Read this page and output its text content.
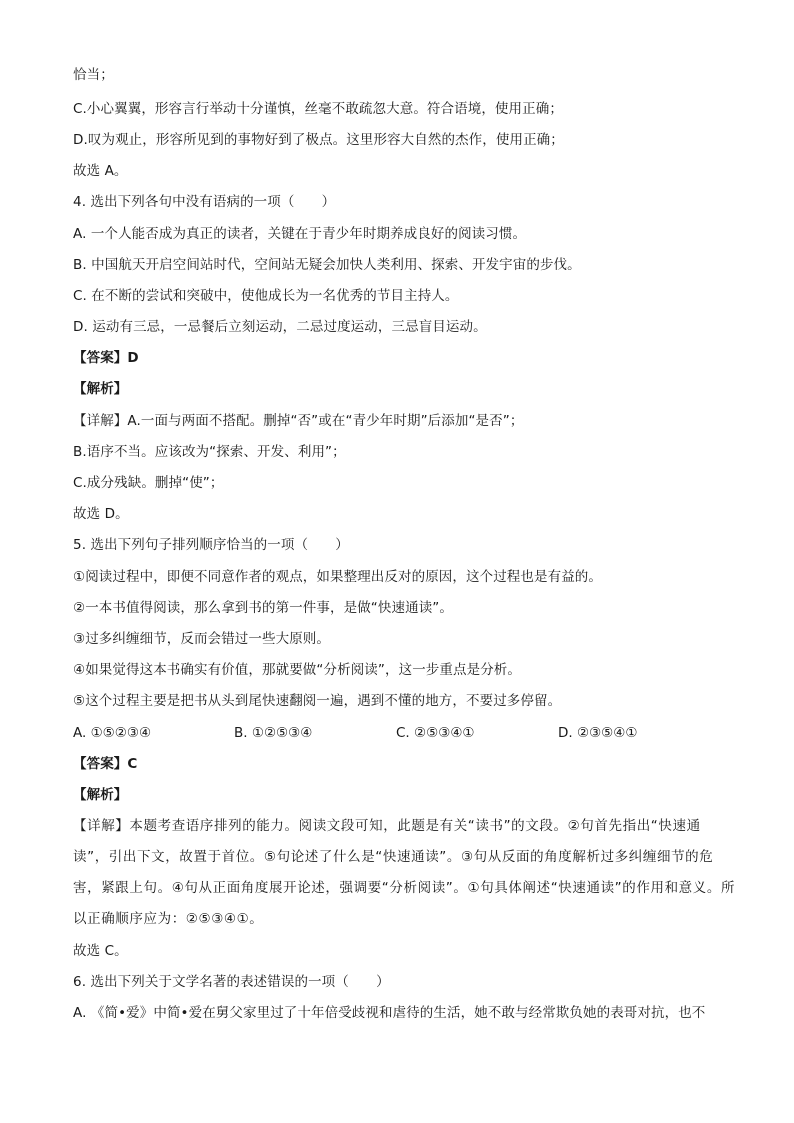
恰当；
C.小心翼翼，形容言行举动十分谨慎，丝毫不敢疏忽大意。符合语境，使用正确；
D.叹为观止，形容所见到的事物好到了极点。这里形容大自然的杰作，使用正确；
故选 A。
4. 选出下列各句中没有语病的一项（　　）
A. 一个人能否成为真正的读者，关键在于青少年时期养成良好的阅读习惯。
B. 中国航天开启空间站时代，空间站无疑会加快人类利用、探索、开发宇宙的步伐。
C. 在不断的尝试和突破中，使他成长为一名优秀的节目主持人。
D. 运动有三忌，一忌餐后立刻运动，二忌过度运动，三忌盲目运动。
【答案】D
【解析】
【详解】A.一面与两面不搭配。删掉“否”或在“青少年时期”后添加“是否”；
B.语序不当。应该改为“探索、开发、利用”；
C.成分残缺。删掉“使”；
故选 D。
5. 选出下列句子排列顺序恰当的一项（　　）
①阅读过程中，即便不同意作者的观点，如果整理出反对的原因，这个过程也是有益的。
②一本书值得阅读，那么拿到书的第一件事，是做“快速通读”。
③过多纠缠细节，反而会错过一些大原则。
④如果觉得这本书确实有价值，那就要做“分析阅读”，这一步重点是分析。
⑤这个过程主要是把书从头到尾快速翻阅一遍，遇到不懂的地方，不要过多停留。
A. ①⑤②③④	B. ①②⑤③④	C. ②⑤③④①	D. ②③⑤④①
【答案】C
【解析】
【详解】本题考查语序排列的能力。阅读文段可知，此题是有关“读书”的文段。②句首先指出“快速通读”，引出下文，故置于首位。⑤句论述了什么是“快速通读”。③句从反面的角度解析过多纠缠细节的危害，紧跟上句。④句从正面角度展开论述，强调要“分析阅读”。①句具体阐述“快速通读”的作用和意义。所以正确顺序应为：②⑤③④①。
故选 C。
6. 选出下列关于文学名著的表述错误的一项（　　）
A. 《简•爱》中简•爱在舅父家里过了十年倍受歧视和虐待的生活，她不敢与经常欺负她的表哥对抗，也不
